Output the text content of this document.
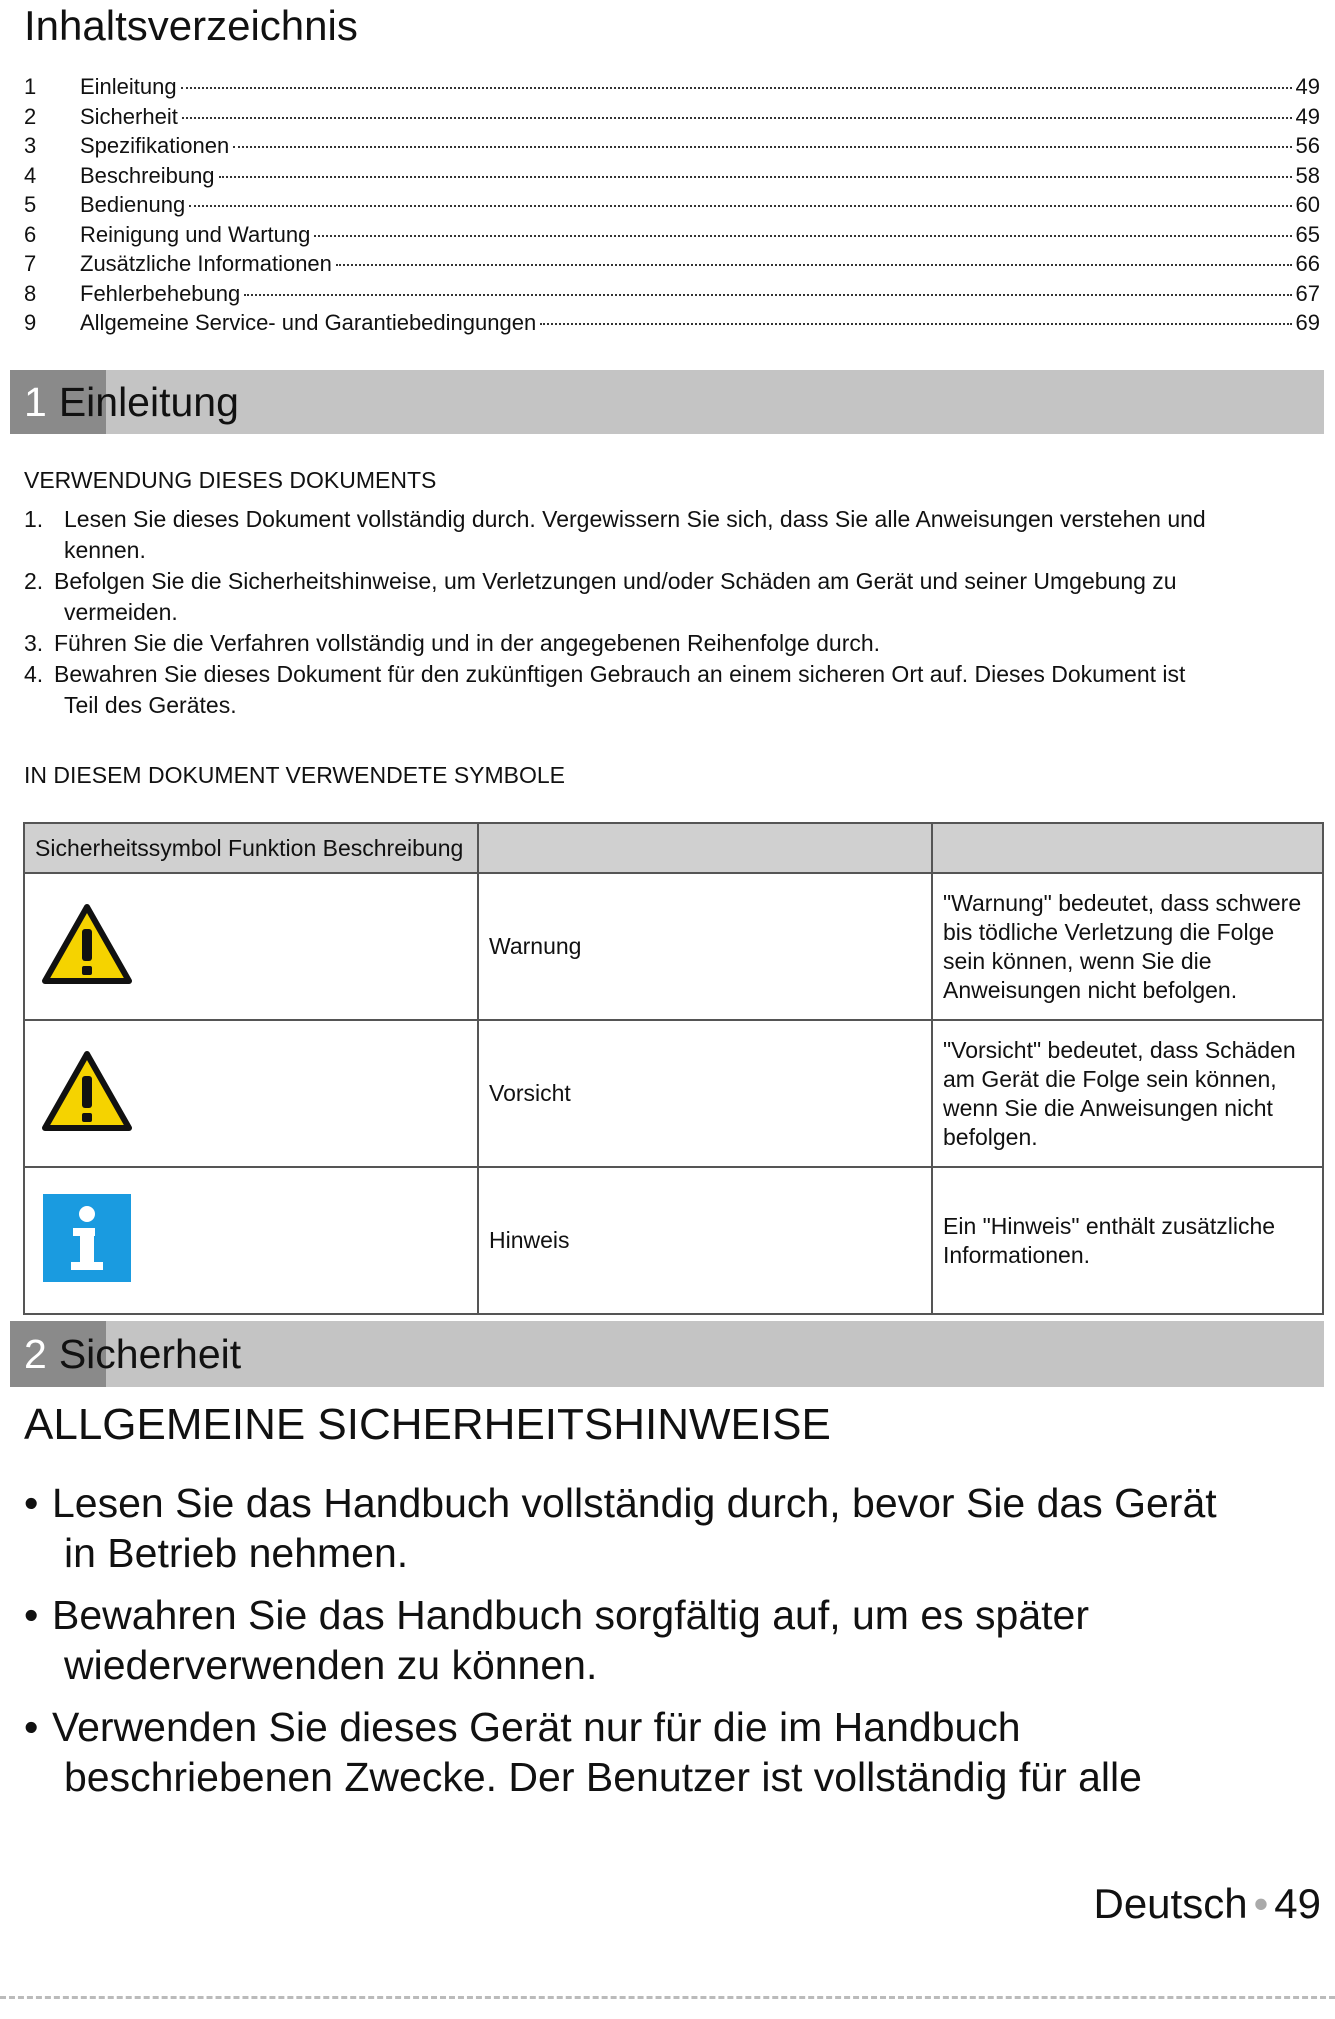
Inhaltsverzeichnis
1	Einleitung	49
2	Sicherheit	49
3	Spezifikationen	56
4	Beschreibung	58
5	Bedienung	60
6	Reinigung und Wartung	65
7	Zusätzliche Informationen	66
8	Fehlerbehebung	67
9	Allgemeine Service- und Garantiebedingungen	69
1 Einleitung
VERWENDUNG DIESES DOKUMENTS
1. Lesen Sie dieses Dokument vollständig durch. Vergewissern Sie sich, dass Sie alle Anweisungen verstehen und
kennen.
2. Befolgen Sie die Sicherheitshinweise, um Verletzungen und/oder Schäden am Gerät und seiner Umgebung zu
vermeiden.
3. Führen Sie die Verfahren vollständig und in der angegebenen Reihenfolge durch.
4. Bewahren Sie dieses Dokument für den zukünftigen Gebrauch an einem sicheren Ort auf. Dieses Dokument ist
Teil des Gerätes.
IN DIESEM DOKUMENT VERWENDETE SYMBOLE
Sicherheitssymbol Funktion Beschreibung		
	Warnung	"Warnung" bedeutet, dass schwere bis tödliche Verletzung die Folge sein können, wenn Sie die Anweisungen nicht befolgen.
	Vorsicht	"Vorsicht" bedeutet, dass Schäden am Gerät die Folge sein können, wenn Sie die Anweisungen nicht befolgen.
	Hinweis	Ein "Hinweis" enthält zusätzliche Informationen.
2 Sicherheit
ALLGEMEINE SICHERHEITSHINWEISE
• Lesen Sie das Handbuch vollständig durch, bevor Sie das Gerät
in Betrieb nehmen.
• Bewahren Sie das Handbuch sorgfältig auf, um es später
wiederverwenden zu können.
• Verwenden Sie dieses Gerät nur für die im Handbuch
beschriebenen Zwecke. Der Benutzer ist vollständig für alle
Deutsch • 49
